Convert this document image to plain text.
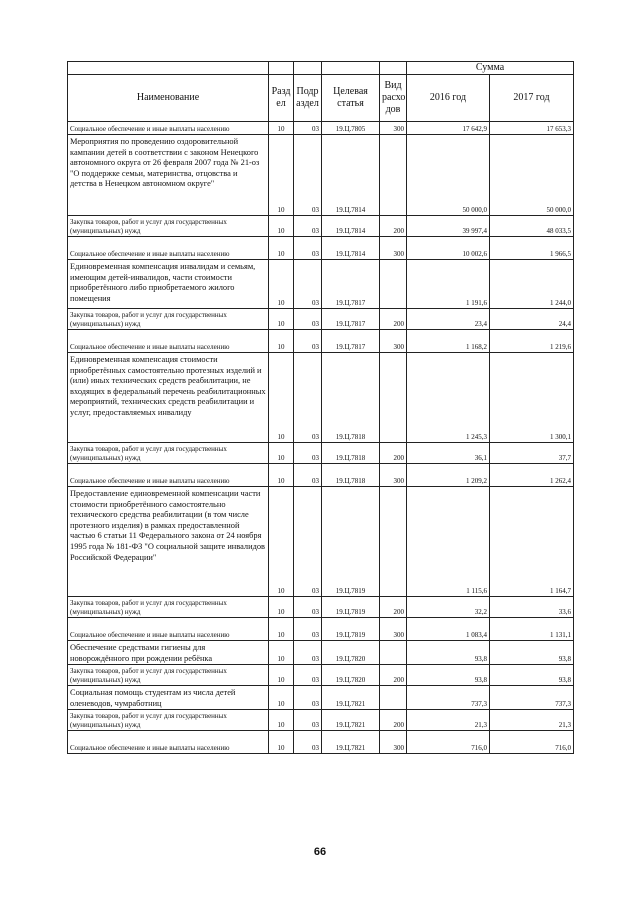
					Сумма	
Наименование	Разд ел	Подр аздел	Целевая статья	Вид расхо дов	2016 год	2017 год
Социальное обеспечение и иные выплаты населению	10	03	19.Ц.7805	300	17 642,9	17 653,3
Мероприятия по проведению оздоровительной кампании детей в соответствии с законом Ненецкого автономного округа от 26 февраля 2007 года № 21-оз "О поддержке семьи, материнства, отцовства и детства в Ненецком автономном округе"	10	03	19.Ц.7814		50 000,0	50 000,0
Закупка товаров, работ и услуг для государственных (муниципальных) нужд	10	03	19.Ц.7814	200	39 997,4	48 033,5
Социальное обеспечение и иные выплаты населению	10	03	19.Ц.7814	300	10 002,6	1 966,5
Единовременная компенсация инвалидам и семьям, имеющим детей-инвалидов, части стоимости приобретённого либо приобретаемого жилого помещения	10	03	19.Ц.7817		1 191,6	1 244,0
Закупка товаров, работ и услуг для государственных (муниципальных) нужд	10	03	19.Ц.7817	200	23,4	24,4
Социальное обеспечение и иные выплаты населению	10	03	19.Ц.7817	300	1 168,2	1 219,6
Единовременная компенсация стоимости приобретённых самостоятельно протезных изделий и (или) иных технических средств реабилитации, не входящих в федеральный перечень реабилитационных мероприятий, технических средств реабилитации и услуг, предоставляемых инвалиду	10	03	19.Ц.7818		1 245,3	1 300,1
Закупка товаров, работ и услуг для государственных (муниципальных) нужд	10	03	19.Ц.7818	200	36,1	37,7
Социальное обеспечение и иные выплаты населению	10	03	19.Ц.7818	300	1 209,2	1 262,4
Предоставление единовременной компенсации части стоимости приобретённого самостоятельно технического средства реабилитации (в том числе протезного изделия) в рамках предоставленной частью 6 статьи 11 Федерального закона от 24 ноября 1995 года № 181-ФЗ "О социальной защите инвалидов Российской Федерации"	10	03	19.Ц.7819		1 115,6	1 164,7
Закупка товаров, работ и услуг для государственных (муниципальных) нужд	10	03	19.Ц.7819	200	32,2	33,6
Социальное обеспечение и иные выплаты населению	10	03	19.Ц.7819	300	1 083,4	1 131,1
Обеспечение средствами гигиены для новорождённого при рождении ребёнка	10	03	19.Ц.7820		93,8	93,8
Закупка товаров, работ и услуг для государственных (муниципальных) нужд	10	03	19.Ц.7820	200	93,8	93,8
Социальная помощь студентам из числа детей оленеводов, чумработниц	10	03	19.Ц.7821		737,3	737,3
Закупка товаров, работ и услуг для государственных (муниципальных) нужд	10	03	19.Ц.7821	200	21,3	21,3
Социальное обеспечение и иные выплаты населению	10	03	19.Ц.7821	300	716,0	716,0
66
